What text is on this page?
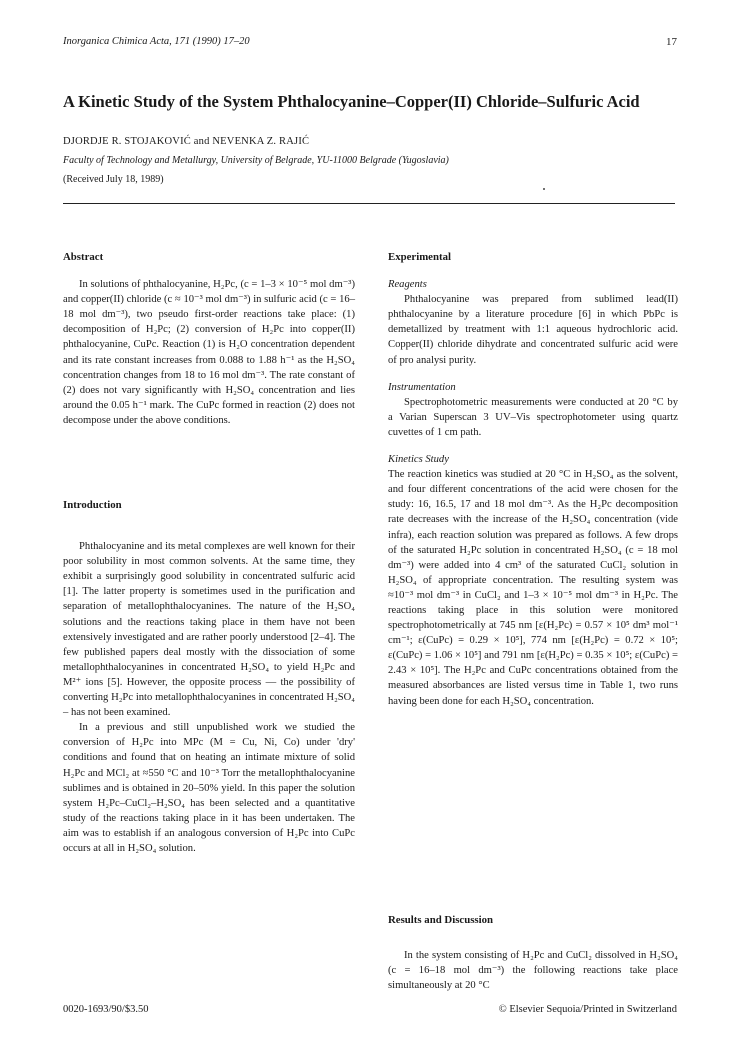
Inorganica Chimica Acta, 171 (1990) 17–20	17
A Kinetic Study of the System Phthalocyanine–Copper(II) Chloride–Sulfuric Acid
DJORDJE R. STOJAKOVIĆ and NEVENKA Z. RAJIĆ
Faculty of Technology and Metallurgy, University of Belgrade, YU-11000 Belgrade (Yugoslavia)
(Received July 18, 1989)
Abstract

In solutions of phthalocyanine, H₂Pc, (c = 1–3 × 10⁻⁵ mol dm⁻³) and copper(II) chloride (c ≈ 10⁻³ mol dm⁻³) in sulfuric acid (c = 16–18 mol dm⁻³), two pseudo first-order reactions take place: (1) decomposition of H₂Pc; (2) conversion of H₂Pc into copper(II) phthalocyanine, CuPc. Reaction (1) is H₂O concentration dependent and its rate constant increases from 0.088 to 1.88 h⁻¹ as the H₂SO₄ concentration changes from 18 to 16 mol dm⁻³. The rate constant of (2) does not vary significantly with H₂SO₄ concentration and lies around the 0.05 h⁻¹ mark. The CuPc formed in reaction (2) does not decompose under the above conditions.

Introduction

Phthalocyanine and its metal complexes are well known for their poor solubility in most common solvents. At the same time, they exhibit a surprisingly good solubility in concentrated sulfuric acid [1]. The latter property is sometimes used in the purification and separation of metallophthalocyanines. The nature of the H₂SO₄ solutions and the reactions taking place in them have not been extensively investigated and are rather poorly understood [2–4]. The few published papers deal mostly with the dissociation of some metallophthalocyanines in concentrated H₂SO₄ to yield H₂Pc and M²⁺ ions [5]. However, the opposite process — the possibility of converting H₂Pc into metallophthalocyanines in concentrated H₂SO₄ – has not been examined.

In a previous and still unpublished work we studied the conversion of H₂Pc into MPc (M = Cu, Ni, Co) under 'dry' conditions and found that on heating an intimate mixture of solid H₂Pc and MCl₂ at ≈550 °C and 10⁻³ Torr the metallophthalocyanine sublimes and is obtained in 20–50% yield. In this paper the solution system H₂Pc–CuCl₂–H₂SO₄ has been selected and a quantitative study of the reactions taking place in it has been undertaken. The aim was to establish if an analogous conversion of H₂Pc into CuPc occurs at all in H₂SO₄ solution.

Experimental
Reagents

Phthalocyanine was prepared from sublimed lead(II) phthalocyanine by a literature procedure [6] in which PbPc is demetallized by treatment with 1:1 aqueous hydrochloric acid. Copper(II) chloride dihydrate and concentrated sulfuric acid were of pro analysi purity.

Instrumentation

Spectrophotometric measurements were conducted at 20 °C by a Varian Superscan 3 UV–Vis spectrophotometer using quartz cuvettes of 1 cm path.

Kinetics Study

The reaction kinetics was studied at 20 °C in H₂SO₄ as the solvent, and four different concentrations of the acid were chosen for the study: 16, 16.5, 17 and 18 mol dm⁻³. As the H₂Pc decomposition rate decreases with the increase of the H₂SO₄ concentration (vide infra), each reaction solution was prepared as follows. A few drops of the saturated H₂Pc solution in concentrated H₂SO₄ (c = 18 mol dm⁻³) were added into 4 cm³ of the saturated CuCl₂ solution in H₂SO₄ of appropriate concentration. The resulting system was ≈10⁻³ mol dm⁻³ in CuCl₂ and 1–3 × 10⁻⁵ mol dm⁻³ in H₂Pc. The reactions taking place in this solution were monitored spectrophotometrically at 745 nm [ε(H₂Pc) = 0.57 × 10⁵ dm³ mol⁻¹ cm⁻¹; ε(CuPc) = 0.29 × 10⁵], 774 nm [ε(H₂Pc) = 0.72 × 10⁵; ε(CuPc) = 1.06 × 10⁵] and 791 nm [ε(H₂Pc) = 0.35 × 10⁵; ε(CuPc) = 2.43 × 10⁵]. The H₂Pc and CuPc concentrations obtained from the measured absorbances are listed versus time in Table 1, two runs having been done for each H₂SO₄ concentration.

Results and Discussion

In the system consisting of H₂Pc and CuCl₂ dissolved in H₂SO₄ (c = 16–18 mol dm⁻³) the following reactions take place simultaneously at 20 °C

0020-1693/90/$3.50	© Elsevier Sequoia/Printed in Switzerland
